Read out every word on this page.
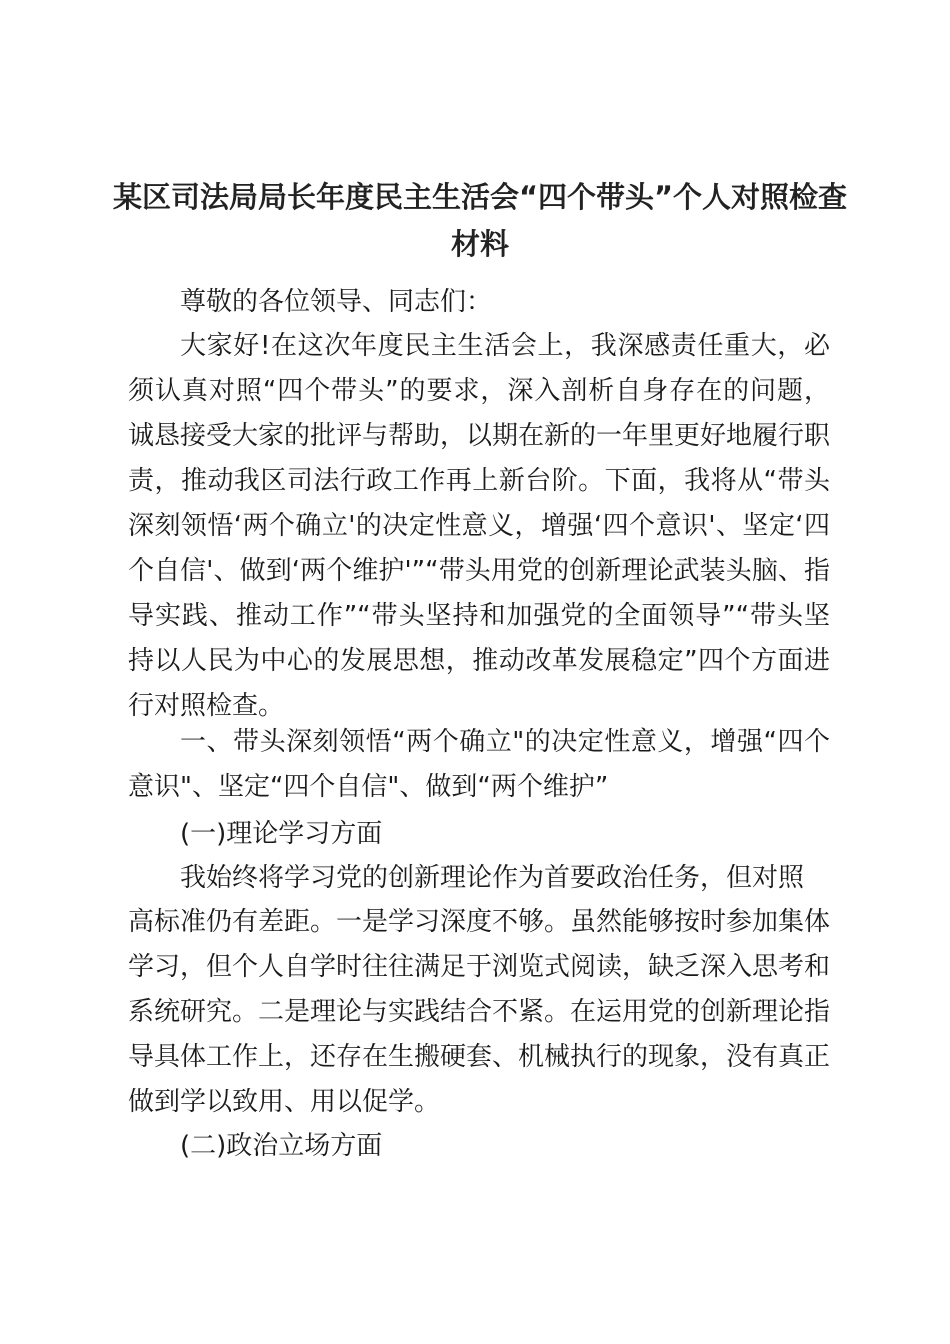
某区司法局局长年度民主生活会“四个带头”个人对照检查材料

尊敬的各位领导、同志们：

大家好!在这次年度民主生活会上，我深感责任重大，必须认真对照“四个带头”的要求，深入剖析自身存在的问题，诚恳接受大家的批评与帮助，以期在新的一年里更好地履行职责，推动我区司法行政工作再上新台阶。下面，我将从“带头深刻领悟‘两个确立'的决定性意义，增强‘四个意识'、坚定‘四个自信'、做到‘两个维护'”“带头用党的创新理论武装头脑、指导实践、推动工作”“带头坚持和加强党的全面领导”“带头坚持以人民为中心的发展思想，推动改革发展稳定”四个方面进行对照检查。

一、带头深刻领悟“两个确立"的决定性意义，增强“四个意识"、坚定“四个自信"、做到“两个维护”

(一)理论学习方面

我始终将学习党的创新理论作为首要政治任务，但对照

高标准仍有差距。一是学习深度不够。虽然能够按时参加集体学习，但个人自学时往往满足于浏览式阅读，缺乏深入思考和系统研究。二是理论与实践结合不紧。在运用党的创新理论指导具体工作上，还存在生搬硬套、机械执行的现象，没有真正做到学以致用、用以促学。

(二)政治立场方面
